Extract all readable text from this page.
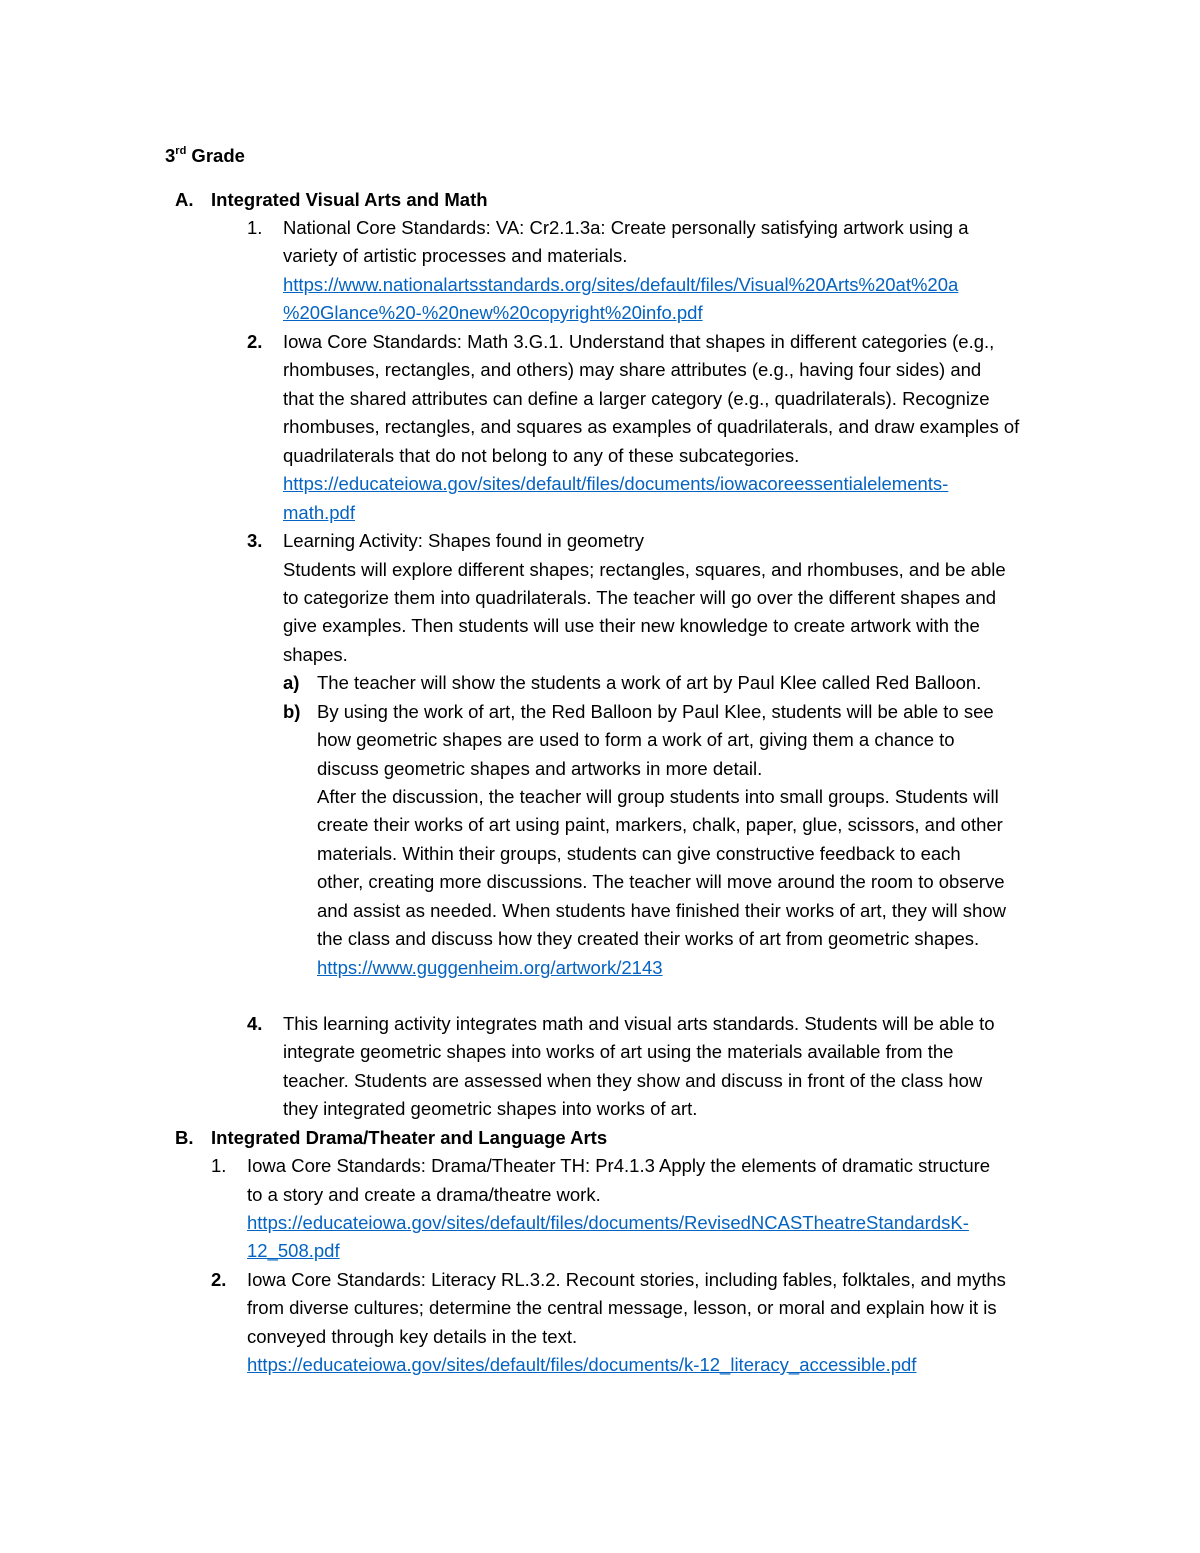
3rd Grade
A. Integrated Visual Arts and Math
1. National Core Standards: VA: Cr2.1.3a: Create personally satisfying artwork using a
variety of artistic processes and materials.
https://www.nationalartsstandards.org/sites/default/files/Visual%20Arts%20at%20a
%20Glance%20-%20new%20copyright%20info.pdf
2. Iowa Core Standards: Math 3.G.1. Understand that shapes in different categories (e.g.,
rhombuses, rectangles, and others) may share attributes (e.g., having four sides) and
that the shared attributes can define a larger category (e.g., quadrilaterals). Recognize
rhombuses, rectangles, and squares as examples of quadrilaterals, and draw examples of
quadrilaterals that do not belong to any of these subcategories.
https://educateiowa.gov/sites/default/files/documents/iowacoreessentialelements-
math.pdf
3. Learning Activity: Shapes found in geometry
Students will explore different shapes; rectangles, squares, and rhombuses, and be able
to categorize them into quadrilaterals. The teacher will go over the different shapes and
give examples. Then students will use their new knowledge to create artwork with the
shapes.
a) The teacher will show the students a work of art by Paul Klee called Red Balloon.
b) By using the work of art, the Red Balloon by Paul Klee, students will be able to see
how geometric shapes are used to form a work of art, giving them a chance to
discuss geometric shapes and artworks in more detail.
After the discussion, the teacher will group students into small groups. Students will
create their works of art using paint, markers, chalk, paper, glue, scissors, and other
materials. Within their groups, students can give constructive feedback to each
other, creating more discussions. The teacher will move around the room to observe
and assist as needed. When students have finished their works of art, they will show
the class and discuss how they created their works of art from geometric shapes.
https://www.guggenheim.org/artwork/2143
4. This learning activity integrates math and visual arts standards. Students will be able to
integrate geometric shapes into works of art using the materials available from the
teacher. Students are assessed when they show and discuss in front of the class how
they integrated geometric shapes into works of art.
B. Integrated Drama/Theater and Language Arts
1.	Iowa Core Standards: Drama/Theater TH: Pr4.1.3 Apply the elements of dramatic structure
to a story and create a drama/theatre work.
https://educateiowa.gov/sites/default/files/documents/RevisedNCASTheatreStandardsK-
12_508.pdf
2. Iowa Core Standards: Literacy RL.3.2. Recount stories, including fables, folktales, and myths
from diverse cultures; determine the central message, lesson, or moral and explain how it is
conveyed through key details in the text.
https://educateiowa.gov/sites/default/files/documents/k-12_literacy_accessible.pdf
